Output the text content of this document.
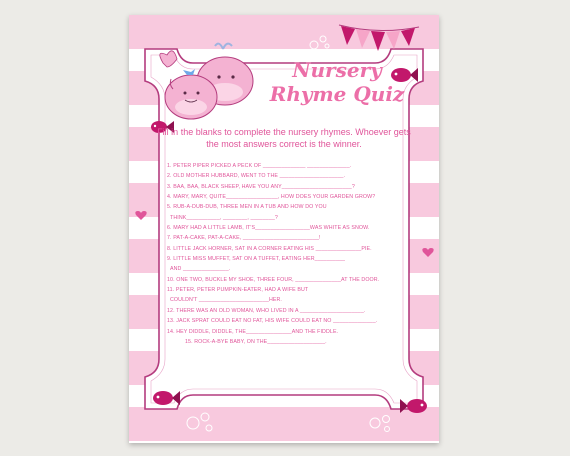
Nursery
Rhyme Quiz

Fill in the blanks to complete the nursery rhymes. Whoever gets the most answers correct is the winner.

1. PETER PIPER PICKED A PECK OF ______________ ______________.
2. OLD MOTHER HUBBARD, WENT TO THE _____________________.
3. BAA, BAA, BLACK SHEEP, HAVE YOU ANY_______________________?
4. MARY, MARY, QUITE_________________, HOW DOES YOUR GARDEN GROW?
5. RUB-A-DUB-DUB, THREE MEN IN A TUB AND HOW DO YOU
THINK___________, ________, ________?
6. MARY HAD A LITTLE LAMB, IT'S__________________WAS WHITE AS SNOW.
7. PAT-A-CAKE, PAT-A-CAKE, _________________________!
8. LITTLE JACK HORNER, SAT IN A CORNER EATING HIS _______________PIE.
9. LITTLE MISS MUFFET, SAT ON A TUFFET, EATING HER__________
AND _______________.
10. ONE TWO, BUCKLE MY SHOE, THREE FOUR, _______________AT THE DOOR.
11. PETER, PETER PUMPKIN-EATER, HAD A WIFE BUT
COULDN'T _______________________HER.
12. THERE WAS AN OLD WOMAN, WHO LIVED IN A _____________________.
13. JACK SPRAT COULD EAT NO FAT, HIS WIFE COULD EAT NO ______________.
14. HEY DIDDLE, DIDDLE, THE_______________AND THE FIDDLE.
15. ROCK-A-BYE BABY, ON THE___________________.
